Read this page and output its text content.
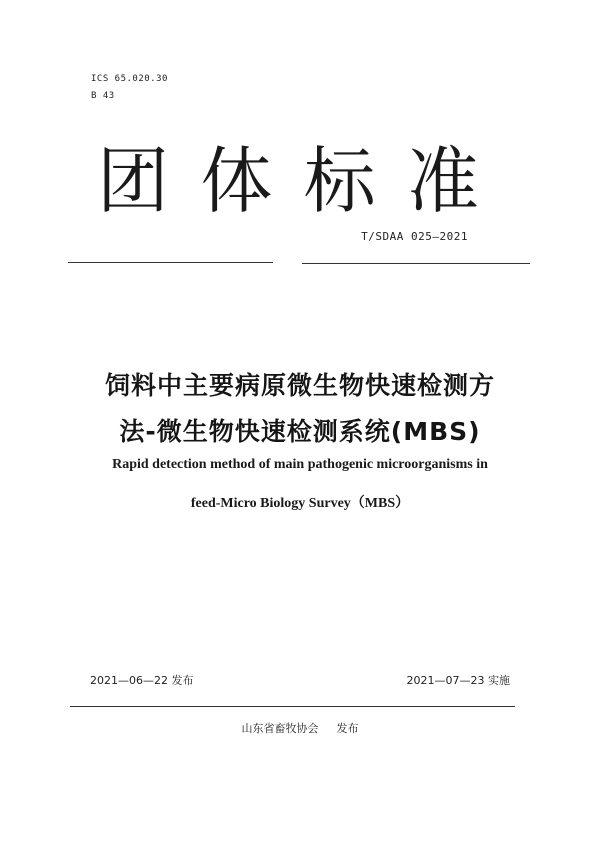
ICS 65.020.30
B 43
团 体 标 准
T/SDAA 025—2021
饲料中主要病原微生物快速检测方
法-微生物快速检测系统(MBS)
Rapid detection method of main pathogenic microorganisms in
feed-Micro Biology Survey（MBS）
2021—06—22 发布	2021—07—23 实施
山东省畜牧协会 发布
